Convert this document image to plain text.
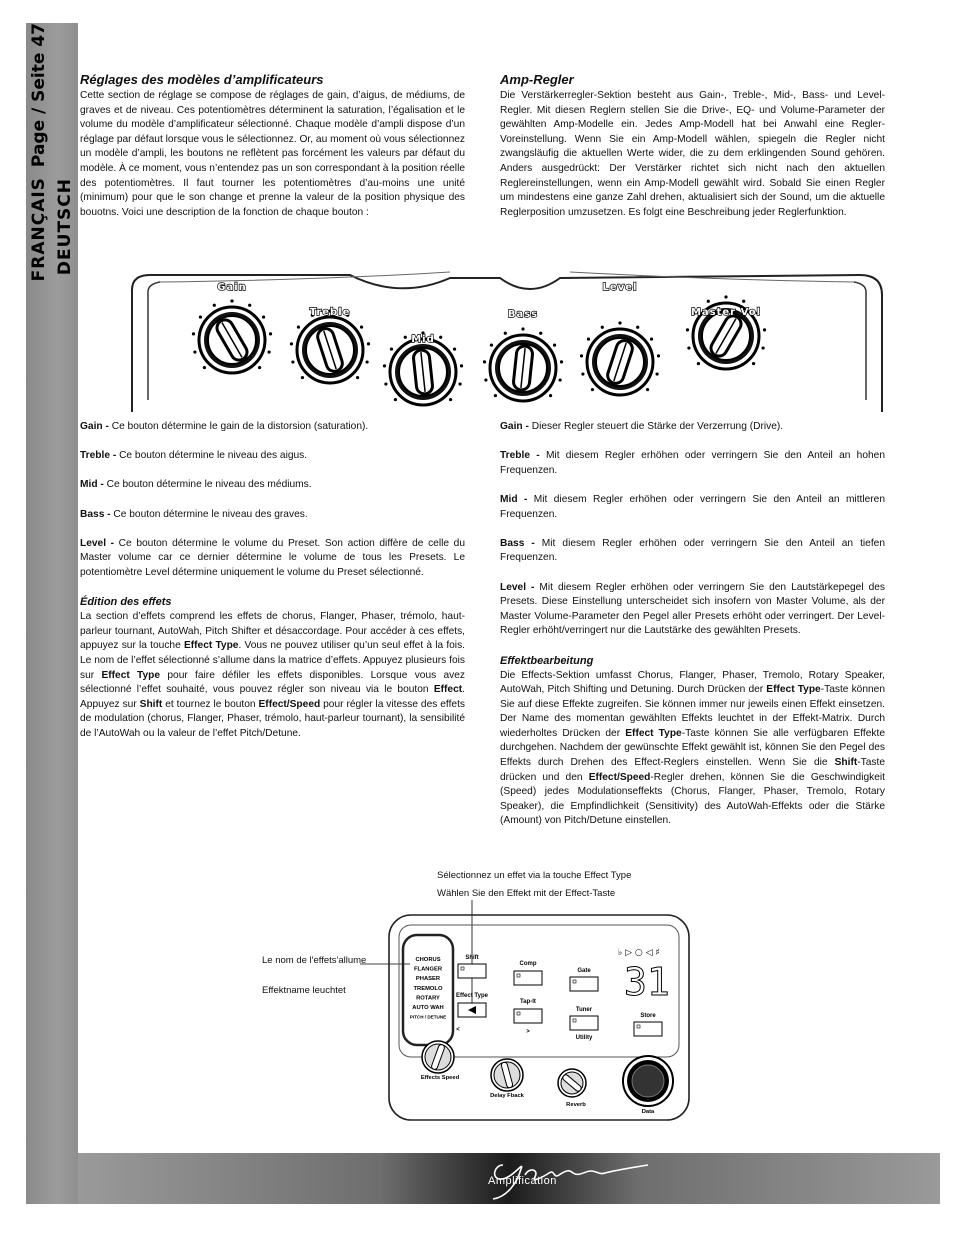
FRANÇAIS
Page / Seite 47
DEUTSCH

Réglages des modèles d’amplificateurs

Cette section de réglage se compose de réglages de gain, d’aigus, de médiums, de graves et de niveau. Ces potentiomètres déterminent la saturation, l’égalisation et le volume du modèle d’amplificateur sélectionné. Chaque modèle d’ampli dispose d’un réglage par défaut lorsque vous le sélectionnez. Or, au moment où vous sélectionnez un modèle d’ampli, les boutons ne reflètent pas forcément les valeurs par défaut du modèle. À ce moment, vous n’entendez pas un son correspondant à la position réelle des potentiomètres. Il faut tourner les potentiomètres d’au-moins une unité (minimum) pour que le son change et prenne la valeur de la position physique des bouotns. Voici une description de la fonction de chaque bouton :

Amp-Regler

Die Verstärkerregler-Sektion besteht aus Gain-, Treble-, Mid-, Bass- und Level-Regler. Mit diesen Reglern stellen Sie die Drive-, EQ- und Volume-Parameter der gewählten Amp-Modelle ein. Jedes Amp-Modell hat bei Anwahl eine Regler-Voreinstellung. Wenn Sie ein Amp-Modell wählen, spiegeln die Regler nicht zwangsläufig die aktuellen Werte wider, die zu dem erklingenden Sound gehören. Anders ausgedrückt: Der Verstärker richtet sich nicht nach den aktuellen Reglereinstellungen, wenn ein Amp-Modell gewählt wird. Sobald Sie einen Regler um mindestens eine ganze Zahl drehen, aktualisiert sich der Sound, um die aktuelle Reglerposition umzusetzen. Es folgt eine Beschreibung jeder Reglerfunktion.

Gain
Treble
Mid
Bass
Level
Master Vol

Gain - Ce bouton détermine le gain de la distorsion (saturation).

Treble - Ce bouton détermine le niveau des aigus.

Mid - Ce bouton détermine le niveau des médiums.

Bass - Ce bouton détermine le niveau des graves.

Level - Ce bouton détermine le volume du Preset. Son action diffère de celle du Master volume car ce dernier détermine le volume de tous les Presets. Le potentiomètre Level détermine uniquement le volume du Preset sélectionné.

Édition des effets

La section d’effets comprend les effets de chorus, Flanger, Phaser, trémolo, haut-parleur tournant, AutoWah, Pitch Shifter et désaccordage. Pour accéder à ces effets, appuyez sur la touche Effect Type. Vous ne pouvez utiliser qu’un seul effet à la fois. Le nom de l’effet sélectionné s’allume dans la matrice d’effets. Appuyez plusieurs fois sur Effect Type pour faire défiler les effets disponibles. Lorsque vous avez sélectionné l’effet souhaité, vous pouvez régler son niveau via le bouton Effect. Appuyez sur Shift et tournez le bouton Effect/Speed pour régler la vitesse des effets de modulation (chorus, Flanger, Phaser, trémolo, haut-parleur tournant), la sensibilité de l’AutoWah ou la valeur de l’effet Pitch/Detune.

Gain - Dieser Regler steuert die Stärke der Verzerrung (Drive).

Treble - Mit diesem Regler erhöhen oder verringern Sie den Anteil an hohen Frequenzen.

Mid - Mit diesem Regler erhöhen oder verringern Sie den Anteil an mittleren Frequenzen.

Bass - Mit diesem Regler erhöhen oder verringern Sie den Anteil an tiefen Frequenzen.

Level - Mit diesem Regler erhöhen oder verringern Sie den Lautstärkepegel des Presets. Diese Einstellung unterscheidet sich insofern von Master Volume, als der Master Volume-Parameter den Pegel aller Presets erhöht oder verringert. Der Level-Regler erhöht/verringert nur die Lautstärke des gewählten Presets.

Effektbearbeitung

Die Effects-Sektion umfasst Chorus, Flanger, Phaser, Tremolo, Rotary Speaker, AutoWah, Pitch Shifting und Detuning. Durch Drücken der Effect Type-Taste können Sie auf diese Effekte zugreifen. Sie können immer nur jeweils einen Effekt einsetzen. Der Name des momentan gewählten Effekts leuchtet in der Effekt-Matrix. Durch wiederholtes Drücken der Effect Type-Taste können Sie alle verfügbaren Effekte durchgehen. Nachdem der gewünschte Effekt gewählt ist, können Sie den Pegel des Effekts durch Drehen des Effect-Reglers einstellen. Wenn Sie die Shift-Taste drücken und den Effect/Speed-Regler drehen, können Sie die Geschwindigkeit (Speed) jedes Modulationseffekts (Chorus, Flanger, Phaser, Tremolo, Rotary Speaker), die Empfindlichkeit (Sensitivity) des AutoWah-Effekts oder die Stärke (Amount) von Pitch/Detune einstellen.

Sélectionnez un effet via la touche Effect Type
Wählen Sie den Effekt mit der Effect-Taste
Le nom de l'effets'allume
Effektname leuchtet
CHORUS
FLANGER
PHASER
TREMOLO
ROTARY
AUTO WAH
PITCH / DETUNE
Shift
Effect Type
<
Comp
Tap-It
>
Gate
Tuner
Utility
Store
♭ ▷ ○ ◁ ♯
31
Effects Speed
Delay Fback
Reverb
Data
Amplification
